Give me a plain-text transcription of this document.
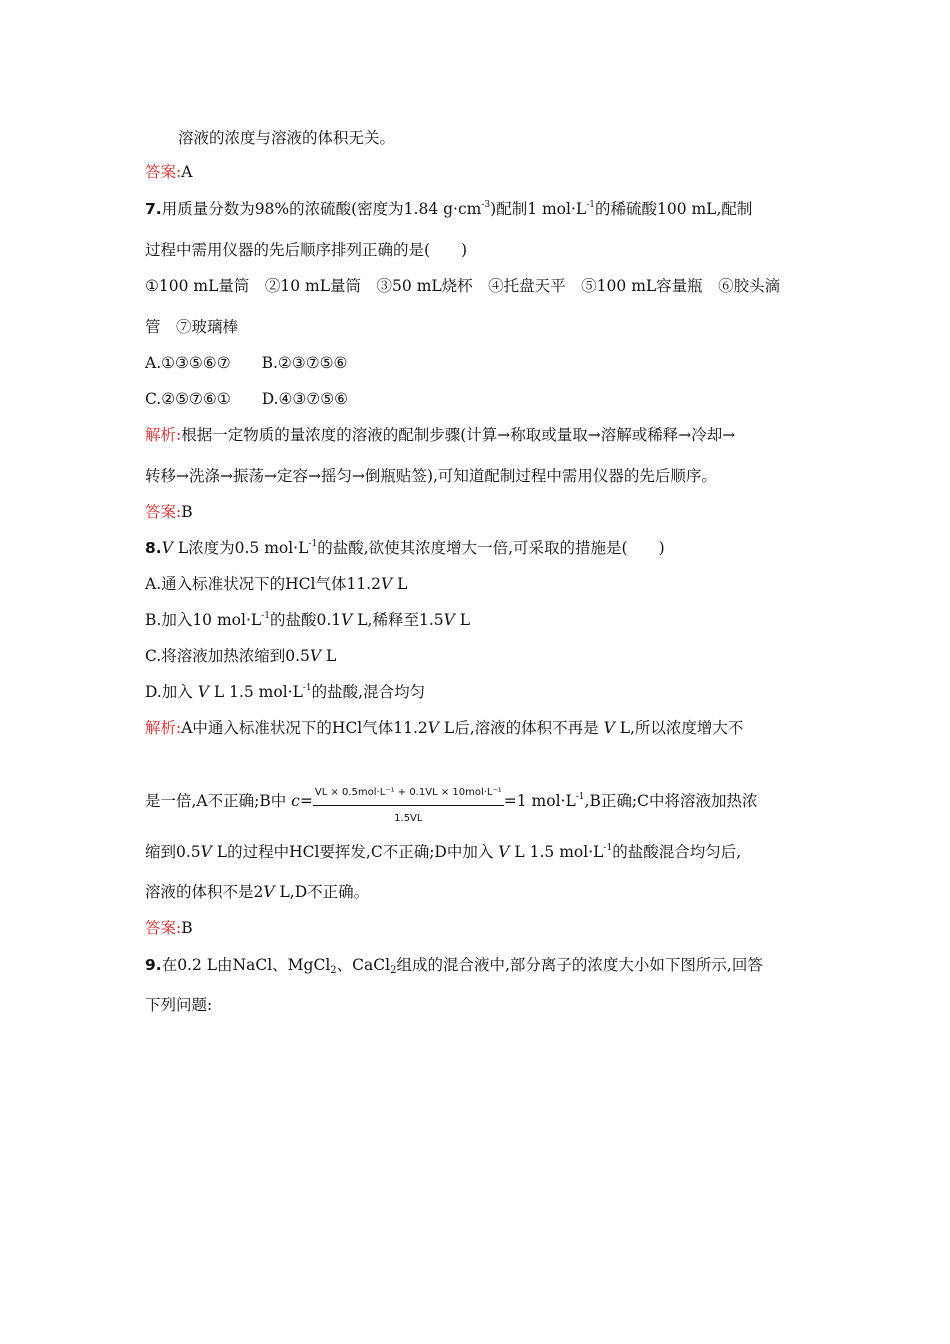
溶液的浓度与溶液的体积无关。
答案:A
7.用质量分数为98%的浓硫酸(密度为1.84 $g\cdot cm^{-3}$)配制1 $mol\cdot L^{-1}$的稀硫酸100 mL,配制
过程中需用仪器的先后顺序排列正确的是(　　)
①100 mL量筒　②10 mL量筒　③50 mL烧杯　④托盘天平　⑤100 mL容量瓶　⑥胶头滴
管　⑦玻璃棒
A.①③⑤⑥⑦　　B.②③⑦⑤⑥
C.②⑤⑦⑥①　　D.④③⑦⑤⑥
解析:根据一定物质的量浓度的溶液的配制步骤(计算→称取或量取→溶解或稀释→冷却→
转移→洗涤→振荡→定容→摇匀→倒瓶贴签),可知道配制过程中需用仪器的先后顺序。
答案:B
8.V L浓度为0.5 $mol\cdot L^{-1}$的盐酸,欲使其浓度增大一倍,可采取的措施是(　　)
A.通入标准状况下的HCl气体11.2V L
B.加入10 $mol\cdot L^{-1}$的盐酸0.1V L,稀释至1.5V L
C.将溶液加热浓缩到0.5V L
D.加入 V L 1.5 $mol\cdot L^{-1}$的盐酸,混合均匀
解析:A中通入标准状况下的HCl气体11.2V L后,溶液的体积不再是 V L,所以浓度增大不
是一倍,A不正确;B中 $c= \frac{\text{VL × 0.5mol·L⁻¹ + 0.1VL × 10mol·L⁻¹}}{1.5VL} =1$ $mol\cdot L^{-1},B$正确;C中将溶液加热浓
缩到0.5V L的过程中HCl要挥发,C不正确;D中加入 V L 1.5 $mol\cdot L^{-1}$的盐酸混合均匀后,
溶液的体积不是2V L,D不正确。
答案:B
9.在0.2 L由NaCl、MgCl$_2$、CaCl$_2$组成的混合液中,部分离子的浓度大小如下图所示,回答
下列问题:
